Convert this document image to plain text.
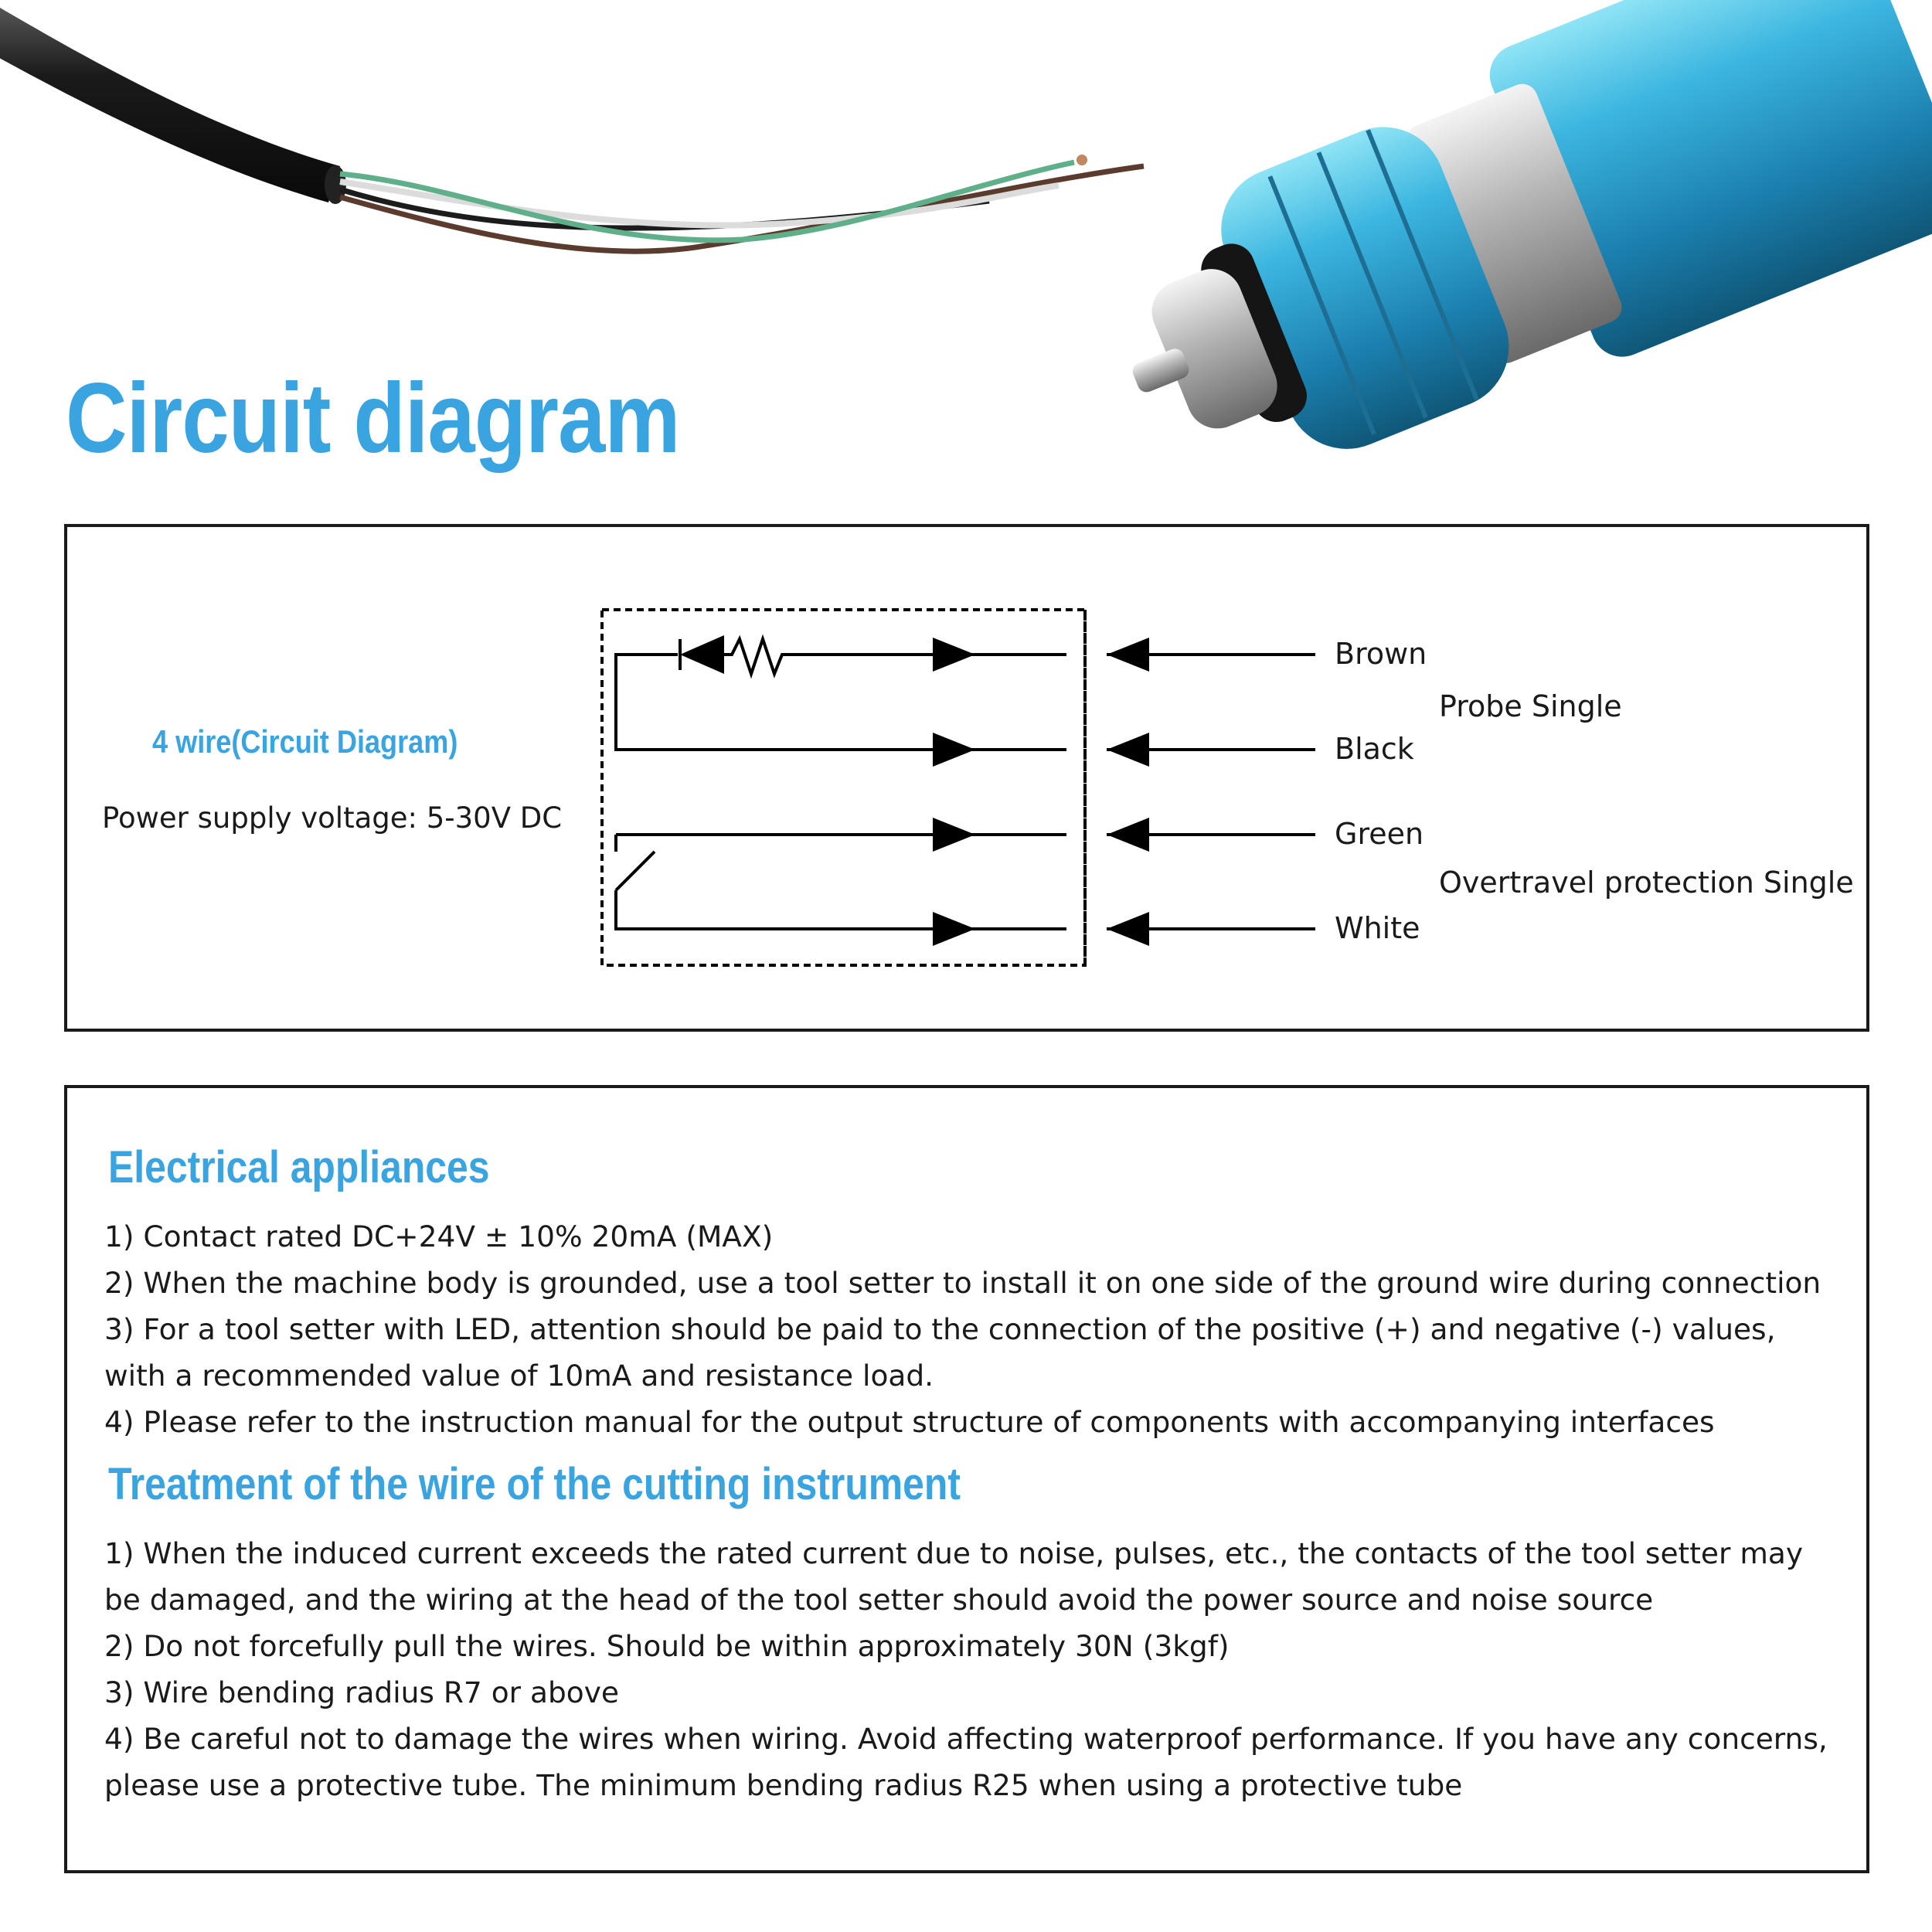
Circuit diagram

4 wire(Circuit Diagram)

Power supply voltage: 5-30V DC

Brown

Black

Green

White

Probe Single

Overtravel protection Single

Electrical appliances

1) Contact rated DC+24V ± 10% 20mA (MAX)

2) When the machine body is grounded, use a tool setter to install it on one side of the ground wire during connection

3) For a tool setter with LED, attention should be paid to the connection of the positive (+) and negative (-) values, with a recommended value of 10mA and resistance load.

4) Please refer to the instruction manual for the output structure of components with accompanying interfaces

Treatment of the wire of the cutting instrument

1) When the induced current exceeds the rated current due to noise, pulses, etc., the contacts of the tool setter may be damaged, and the wiring at the head of the tool setter should avoid the power source and noise source

2) Do not forcefully pull the wires. Should be within approximately 30N (3kgf)

3) Wire bending radius R7 or above

4) Be careful not to damage the wires when wiring. Avoid affecting waterproof performance. If you have any concerns, please use a protective tube. The minimum bending radius R25 when using a protective tube
